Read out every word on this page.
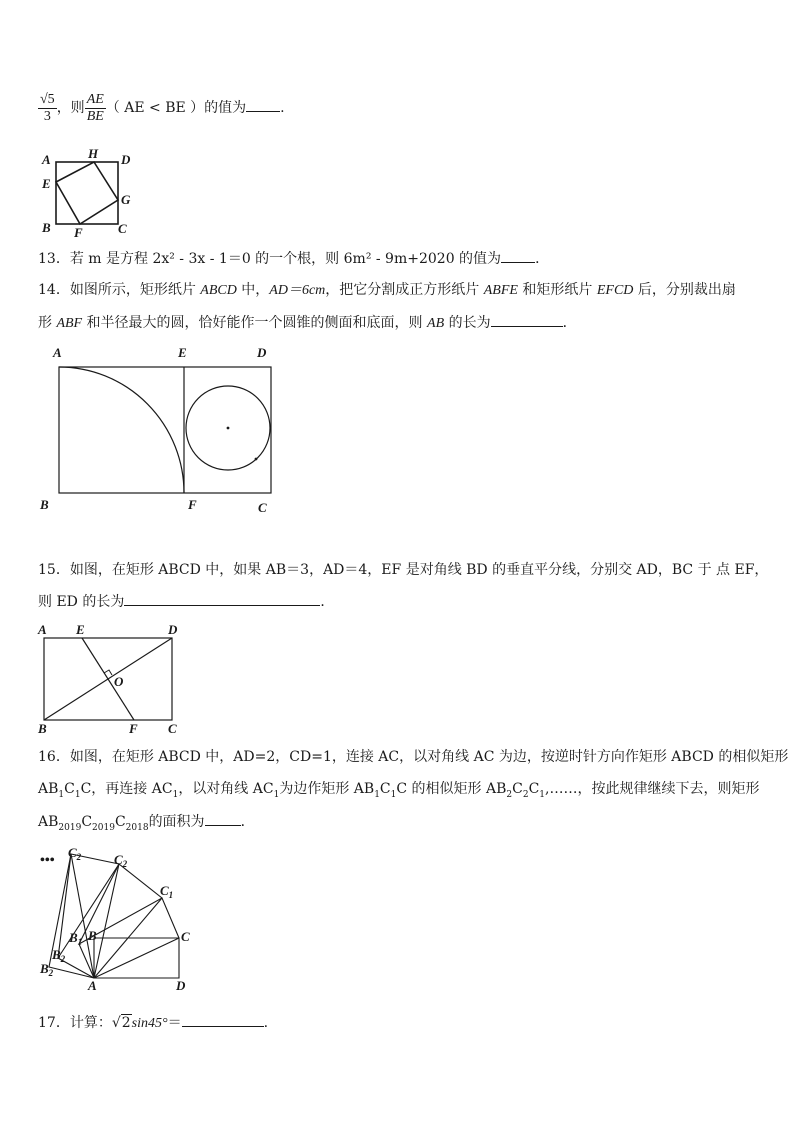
$\frac{√5}{3}$ ，则 $\frac{AE}{BE}$ （ AE < BE ）的值为 .
A	H D
E
G
B F	C
13．若 m 是方程 2x² - 3x - 1＝0 的一个根，则 6m² - 9m+2020 的值为 ．
14．如图所示，矩形纸片 ABCD 中，AD＝6cm，把它分割成正方形纸片 ABFE 和矩形纸片 EFCD 后，分别裁出扇
形 ABF 和半径最大的圆，恰好能作一个圆锥的侧面和底面，则 AB 的长为	．
A	E	D
B	F	C
15．如图，在矩形 ABCD 中，如果 AB＝3，AD＝4，EF 是对角线 BD 的垂直平分线，分别交 AD，BC 于 点 EF，
则 ED 的长为	．
A E	D
O
B	F C
16．如图，在矩形 ABCD 中，AD=2，CD=1，连接 AC，以对角线 AC 为边，按逆时针方向作矩形 ABCD 的相似矩形
$AB_1C_1C$，再连接 $AC_1$，以对角线 $AC_1$为边作矩形 $AB_1C_1C$ 的相似矩形 $AB_2C_2C_1,\dots\dots$，按此规律继续下去，则矩形
$AB_{2019}C_{2019}C_{2018}$的面积为	．
•••
$C_2$	$C_2$
$C_1$
B
$B_1$
$B_2$
$B_2$
C
A	D
17．计算：√2sin45°＝	.
